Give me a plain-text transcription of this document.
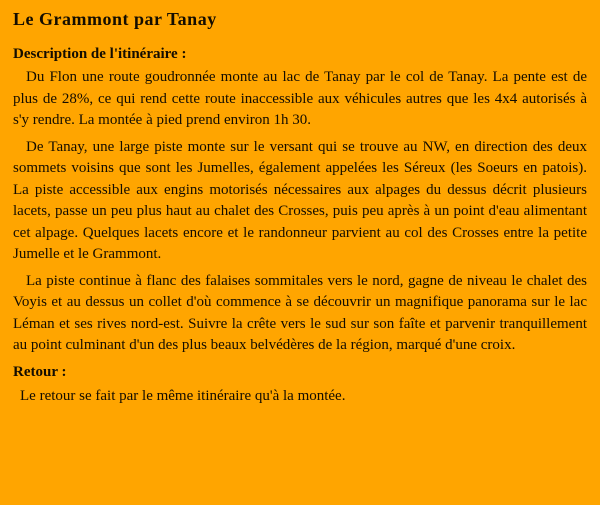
Le Grammont par Tanay
Description de l'itinéraire :

Du Flon une route goudronnée monte au lac de Tanay par le col de Tanay. La pente est de plus de 28%, ce qui rend cette route inaccessible aux véhicules autres que les 4x4 autorisés à s'y rendre. La montée à pied prend environ 1h 30.

De Tanay, une large piste monte sur le versant qui se trouve au NW, en direction des deux sommets voisins que sont les Jumelles, également appelées les Séreux (les Soeurs en patois). La piste accessible aux engins motorisés nécessaires aux alpages du dessus décrit plusieurs lacets, passe un peu plus haut au chalet des Crosses, puis peu après à un point d'eau alimentant cet alpage. Quelques lacets encore et le randonneur parvient au col des Crosses entre la petite Jumelle et le Grammont.

La piste continue à flanc des falaises sommitales vers le nord, gagne de niveau le chalet des Voyis et au dessus un collet d'où commence à se découvrir un magnifique panorama sur le lac Léman et ses rives nord-est. Suivre la crête vers le sud sur son faîte et parvenir tranquillement au point culminant d'un des plus beaux belvédères de la région, marqué d'une croix.

Retour :

Le retour se fait par le même itinéraire qu'à la montée.
